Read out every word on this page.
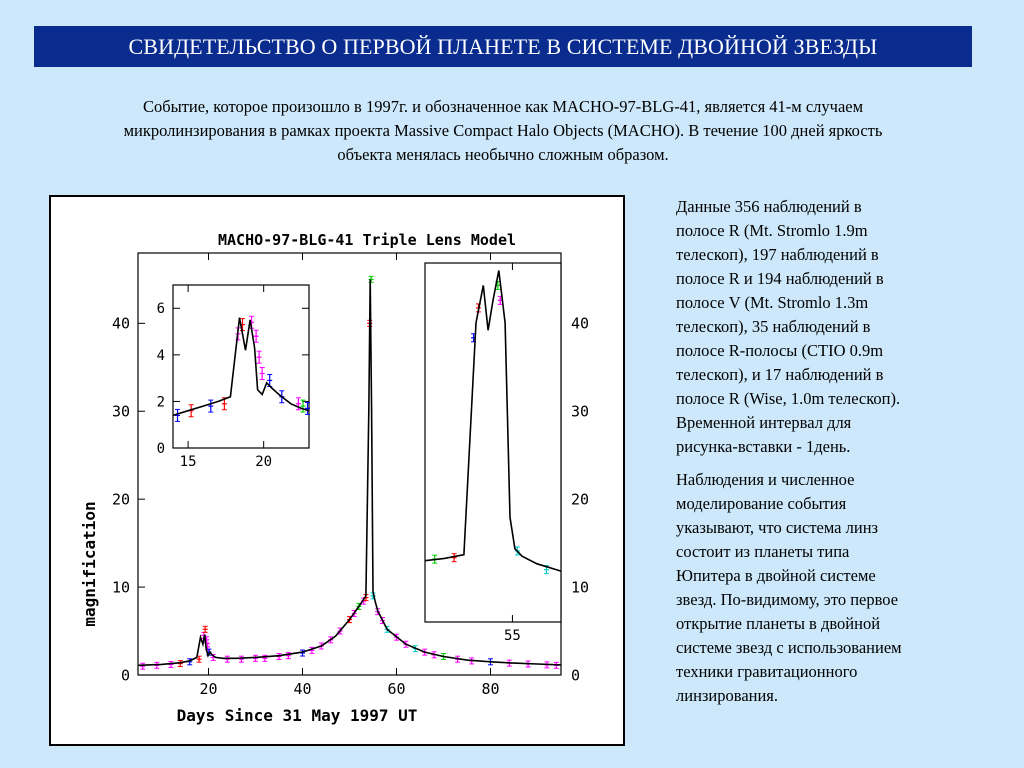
СВИДЕТЕЛЬСТВО О ПЕРВОЙ ПЛАНЕТЕ В СИСТЕМЕ ДВОЙНОЙ ЗВЕЗДЫ
Событие, которое произошло в 1997г. и обозначенное как MACHO-97-BLG-41, является 41-м случаем
микролинзирования в рамках проекта Massive Compact Halo Objects (MACHO). В течение 100 дней яркость
объекта менялась необычно сложным образом.
MACHO-97-BLG-41 Triple Lens Model
Days Since 31 May 1997 UT
magnification
20	40	60	80
0	0
10	10
20	20
30	30
40	40
15	20
0
2
4
6
55

Данные 356 наблюдений в
полосе R (Mt. Stromlo 1.9m
телескоп), 197 наблюдений в
полосе R и 194 наблюдений в
полосе V (Mt. Stromlo 1.3m
телескоп), 35 наблюдений в
полосе R-полосы (CTIO 0.9m
телескоп), и 17 наблюдений в
полосе R (Wise, 1.0m телескоп).
Временной интервал для
рисунка-вставки - 1день.

Наблюдения и численное
моделирование события
указывают, что система линз
состоит из планеты типа
Юпитера в двойной системе
звезд. По-видимому, это первое
открытие планеты в двойной
системе звезд с использованием
техники гравитационного
линзирования.
